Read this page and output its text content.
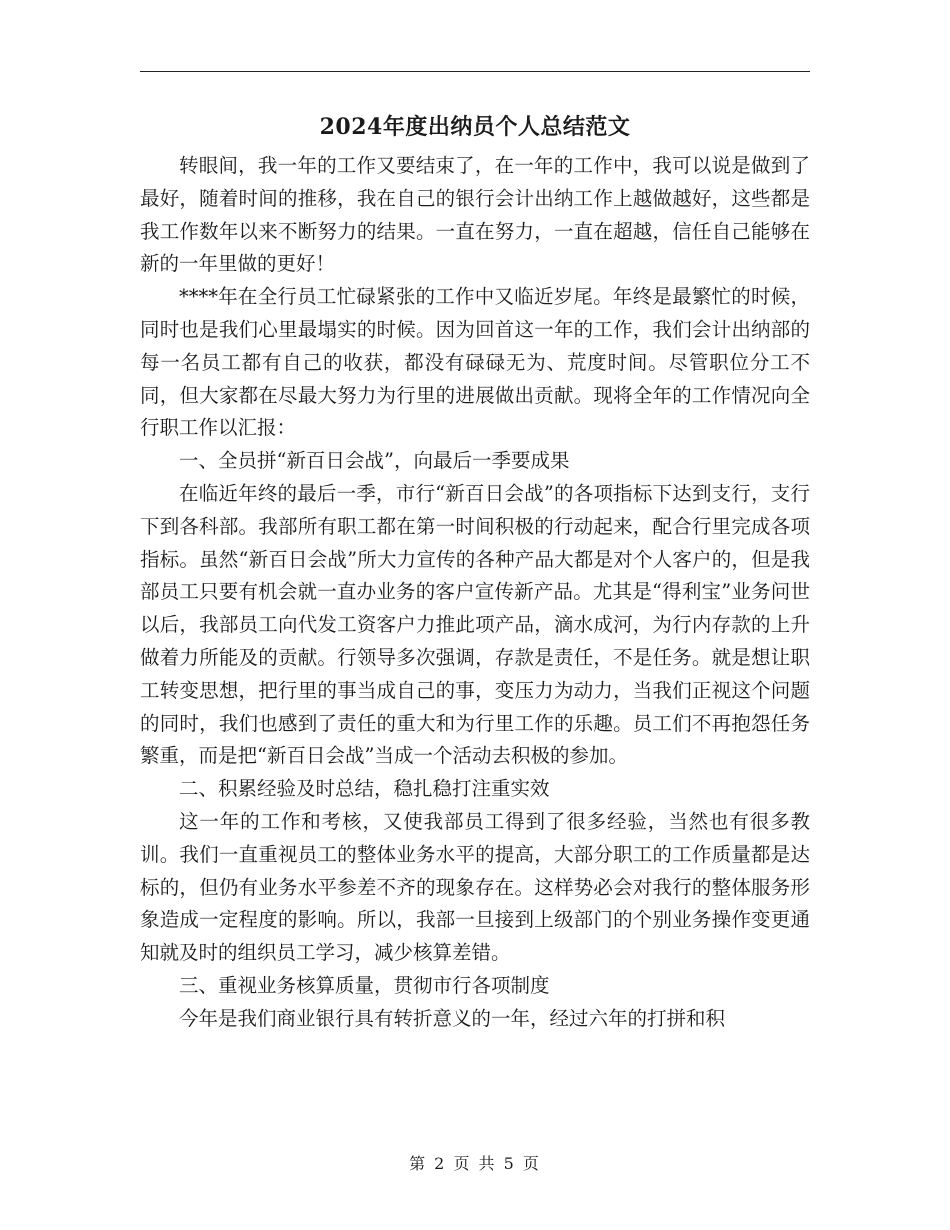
2024年度出纳员个人总结范文

转眼间，我一年的工作又要结束了，在一年的工作中，我可以说是做到了最好，随着时间的推移，我在自己的银行会计出纳工作上越做越好，这些都是我工作数年以来不断努力的结果。一直在努力，一直在超越，信任自己能够在新的一年里做的更好！

****年在全行员工忙碌紧张的工作中又临近岁尾。年终是最繁忙的时候，同时也是我们心里最塌实的时候。因为回首这一年的工作，我们会计出纳部的每一名员工都有自己的收获，都没有碌碌无为、荒度时间。尽管职位分工不同，但大家都在尽最大努力为行里的进展做出贡献。现将全年的工作情况向全行职工作以汇报：

一、全员拼“新百日会战”，向最后一季要成果

在临近年终的最后一季，市行“新百日会战”的各项指标下达到支行，支行下到各科部。我部所有职工都在第一时间积极的行动起来，配合行里完成各项指标。虽然“新百日会战”所大力宣传的各种产品大都是对个人客户的，但是我部员工只要有机会就一直办业务的客户宣传新产品。尤其是“得利宝”业务问世以后，我部员工向代发工资客户力推此项产品，滴水成河，为行内存款的上升做着力所能及的贡献。行领导多次强调，存款是责任，不是任务。就是想让职工转变思想，把行里的事当成自己的事，变压力为动力，当我们正视这个问题的同时，我们也感到了责任的重大和为行里工作的乐趣。员工们不再抱怨任务繁重，而是把“新百日会战”当成一个活动去积极的参加。

二、积累经验及时总结，稳扎稳打注重实效

这一年的工作和考核，又使我部员工得到了很多经验，当然也有很多教训。我们一直重视员工的整体业务水平的提高，大部分职工的工作质量都是达标的，但仍有业务水平参差不齐的现象存在。这样势必会对我行的整体服务形象造成一定程度的影响。所以，我部一旦接到上级部门的个别业务操作变更通知就及时的组织员工学习，减少核算差错。

三、重视业务核算质量，贯彻市行各项制度

今年是我们商业银行具有转折意义的一年，经过六年的打拼和积

第 2 页 共 5 页
